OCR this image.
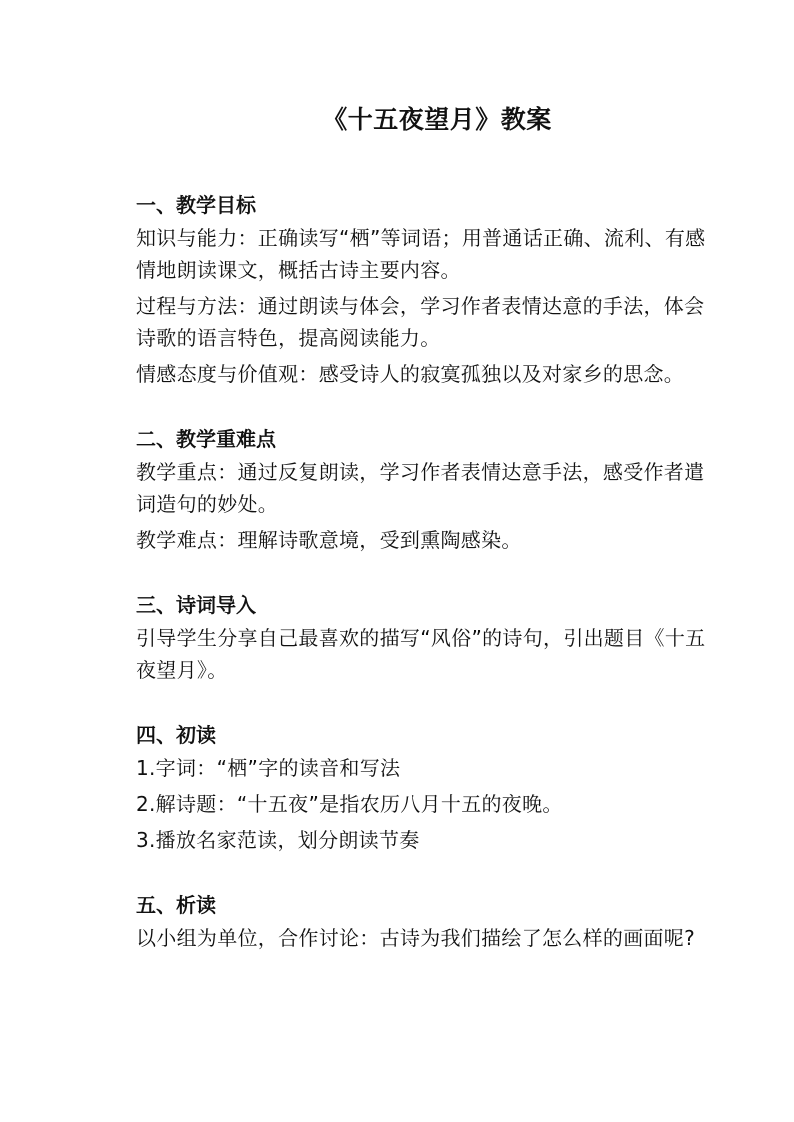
《十五夜望月》教案
一、教学目标

知识与能力：正确读写“栖”等词语；用普通话正确、流利、有感情地朗读课文，概括古诗主要内容。

过程与方法：通过朗读与体会，学习作者表情达意的手法，体会诗歌的语言特色，提高阅读能力。

情感态度与价值观：感受诗人的寂寞孤独以及对家乡的思念。

二、教学重难点

教学重点：通过反复朗读，学习作者表情达意手法，感受作者遣词造句的妙处。

教学难点：理解诗歌意境，受到熏陶感染。

三、诗词导入

引导学生分享自己最喜欢的描写“风俗”的诗句，引出题目《十五夜望月》。

四、初读

1.字词：“栖”字的读音和写法

2.解诗题：“十五夜”是指农历八月十五的夜晚。

3.播放名家范读，划分朗读节奏

五、析读

以小组为单位，合作讨论：古诗为我们描绘了怎么样的画面呢?
